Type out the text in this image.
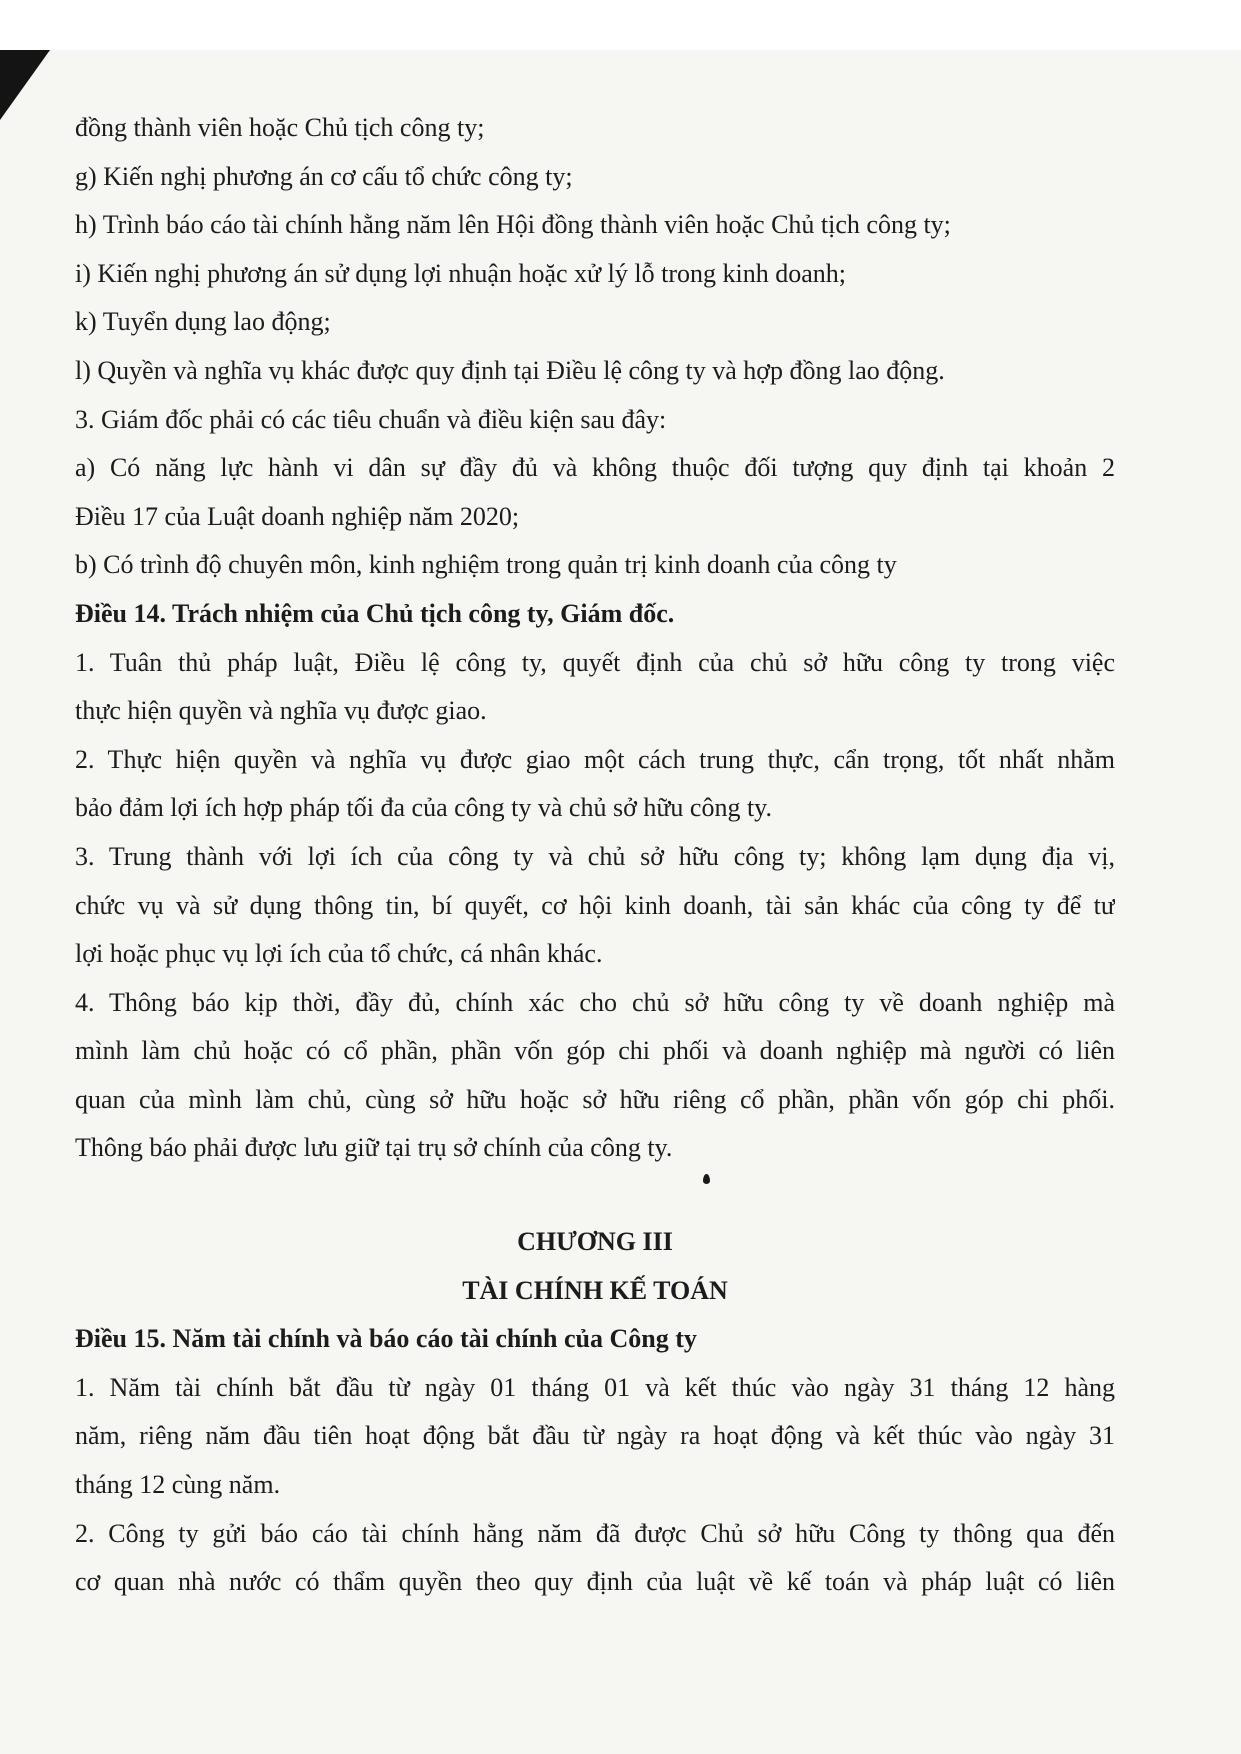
đồng thành viên hoặc Chủ tịch công ty;
g) Kiến nghị phương án cơ cấu tổ chức công ty;
h) Trình báo cáo tài chính hằng năm lên Hội đồng thành viên hoặc Chủ tịch công ty;
i) Kiến nghị phương án sử dụng lợi nhuận hoặc xử lý lỗ trong kinh doanh;
k) Tuyển dụng lao động;
l) Quyền và nghĩa vụ khác được quy định tại Điều lệ công ty và hợp đồng lao động.
3. Giám đốc phải có các tiêu chuẩn và điều kiện sau đây:
a) Có năng lực hành vi dân sự đầy đủ và không thuộc đối tượng quy định tại khoản 2
Điều 17 của Luật doanh nghiệp năm 2020;
b) Có trình độ chuyên môn, kinh nghiệm trong quản trị kinh doanh của công ty
Điều 14. Trách nhiệm của Chủ tịch công ty, Giám đốc.
1. Tuân thủ pháp luật, Điều lệ công ty, quyết định của chủ sở hữu công ty trong việc
thực hiện quyền và nghĩa vụ được giao.
2. Thực hiện quyền và nghĩa vụ được giao một cách trung thực, cẩn trọng, tốt nhất nhằm
bảo đảm lợi ích hợp pháp tối đa của công ty và chủ sở hữu công ty.
3. Trung thành với lợi ích của công ty và chủ sở hữu công ty; không lạm dụng địa vị,
chức vụ và sử dụng thông tin, bí quyết, cơ hội kinh doanh, tài sản khác của công ty để tư
lợi hoặc phục vụ lợi ích của tổ chức, cá nhân khác.
4. Thông báo kịp thời, đầy đủ, chính xác cho chủ sở hữu công ty về doanh nghiệp mà
mình làm chủ hoặc có cổ phần, phần vốn góp chi phối và doanh nghiệp mà người có liên
quan của mình làm chủ, cùng sở hữu hoặc sở hữu riêng cổ phần, phần vốn góp chi phối.
Thông báo phải được lưu giữ tại trụ sở chính của công ty.
CHƯƠNG III
TÀI CHÍNH KẾ TOÁN
Điều 15. Năm tài chính và báo cáo tài chính của Công ty
1. Năm tài chính bắt đầu từ ngày 01 tháng 01 và kết thúc vào ngày 31 tháng 12 hàng
năm, riêng năm đầu tiên hoạt động bắt đầu từ ngày ra hoạt động và kết thúc vào ngày 31
tháng 12 cùng năm.
2. Công ty gửi báo cáo tài chính hằng năm đã được Chủ sở hữu Công ty thông qua đến
cơ quan nhà nước có thẩm quyền theo quy định của luật về kế toán và pháp luật có liên
